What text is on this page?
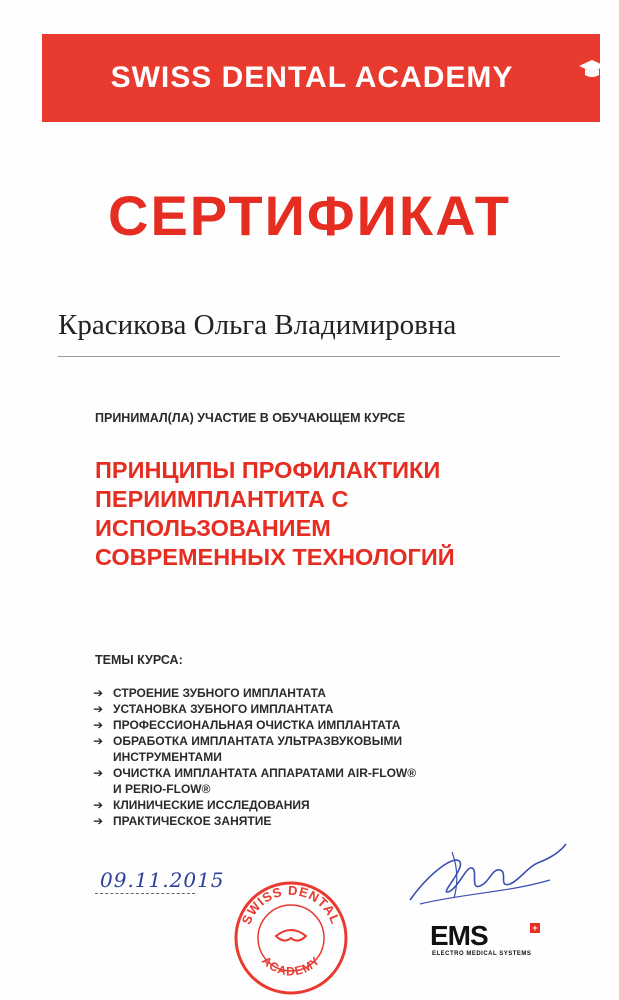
SWISS DENTAL ACADEMY
СЕРТИФИКАТ
Красикова Ольга Владимировна
ПРИНИМАЛ(ЛА) УЧАСТИЕ В ОБУЧАЮЩЕМ КУРСЕ
ПРИНЦИПЫ ПРОФИЛАКТИКИ
ПЕРИИМПЛАНТИТА С
ИСПОЛЬЗОВАНИЕМ
СОВРЕМЕННЫХ ТЕХНОЛОГИЙ
ТЕМЫ КУРСА:
➔ СТРОЕНИЕ ЗУБНОГО ИМПЛАНТАТА
➔ УСТАНОВКА ЗУБНОГО ИМПЛАНТАТА
➔ ПРОФЕССИОНАЛЬНАЯ ОЧИСТКА ИМПЛАНТАТА
➔ ОБРАБОТКА ИМПЛАНТАТА УЛЬТРАЗВУКОВЫМИ
ИНСТРУМЕНТАМИ
➔ ОЧИСТКА ИМПЛАНТАТА АППАРАТАМИ AIR-FLOW®
И PERIO-FLOW®
➔ КЛИНИЧЕСКИЕ ИССЛЕДОВАНИЯ
➔ ПРАКТИЧЕСКОЕ ЗАНЯТИЕ
09.11.2015
SWISS DENTAL
ACADEMY
EMS	+
ELECTRO MEDICAL SYSTEMS
